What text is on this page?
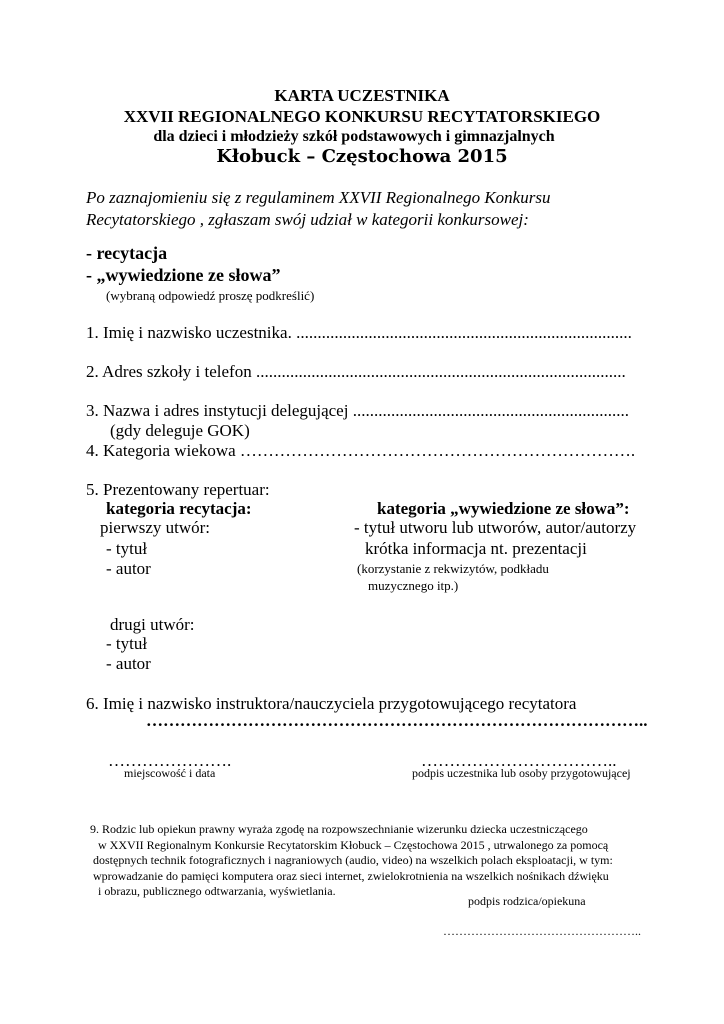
KARTA UCZESTNIKA
XXVII REGIONALNEGO KONKURSU RECYTATORSKIEGO
dla dzieci i młodzieży szkół podstawowych i gimnazjalnych
Kłobuck – Częstochowa 2015
Po zaznajomieniu się z regulaminem XXVII Regionalnego Konkursu
Recytatorskiego , zgłaszam swój udział w kategorii konkursowej:
- recytacja
- „wywiedzione ze słowa”
(wybraną odpowiedź proszę podkreślić)
1. Imię i nazwisko uczestnika. ...............................................................................
2. Adres szkoły i telefon .......................................................................................
3. Nazwa i adres instytucji delegującej .................................................................
(gdy deleguje GOK)
4. Kategoria wiekowa …………………………………………………………….
5. Prezentowany repertuar:
kategoria recytacja:
pierwszy utwór:
- tytuł
- autor
drugi utwór:
- tytuł
- autor
kategoria „wywiedzione ze słowa”:
- tytuł utworu lub utworów, autor/autorzy
krótka informacja nt. prezentacji
(korzystanie z rekwizytów, podkładu
muzycznego itp.)
6. Imię i nazwisko instruktora/nauczyciela przygotowującego recytatora
……………………………………………………………………………..
………………….
miejscowość i data
……………………………..
podpis uczestnika lub osoby przygotowującej
9. Rodzic lub opiekun prawny wyraża zgodę na rozpowszechnianie wizerunku dziecka uczestniczącego
w XXVII Regionalnym Konkursie Recytatorskim Kłobuck – Częstochowa 2015 , utrwalonego za pomocą
dostępnych technik fotograficznych i nagraniowych (audio, video) na wszelkich polach eksploatacji, w tym:
wprowadzanie do pamięci komputera oraz sieci internet, zwielokrotnienia na wszelkich nośnikach dźwięku
i obrazu, publicznego odtwarzania, wyświetlania.
podpis rodzica/opiekuna
…………………………………………..
